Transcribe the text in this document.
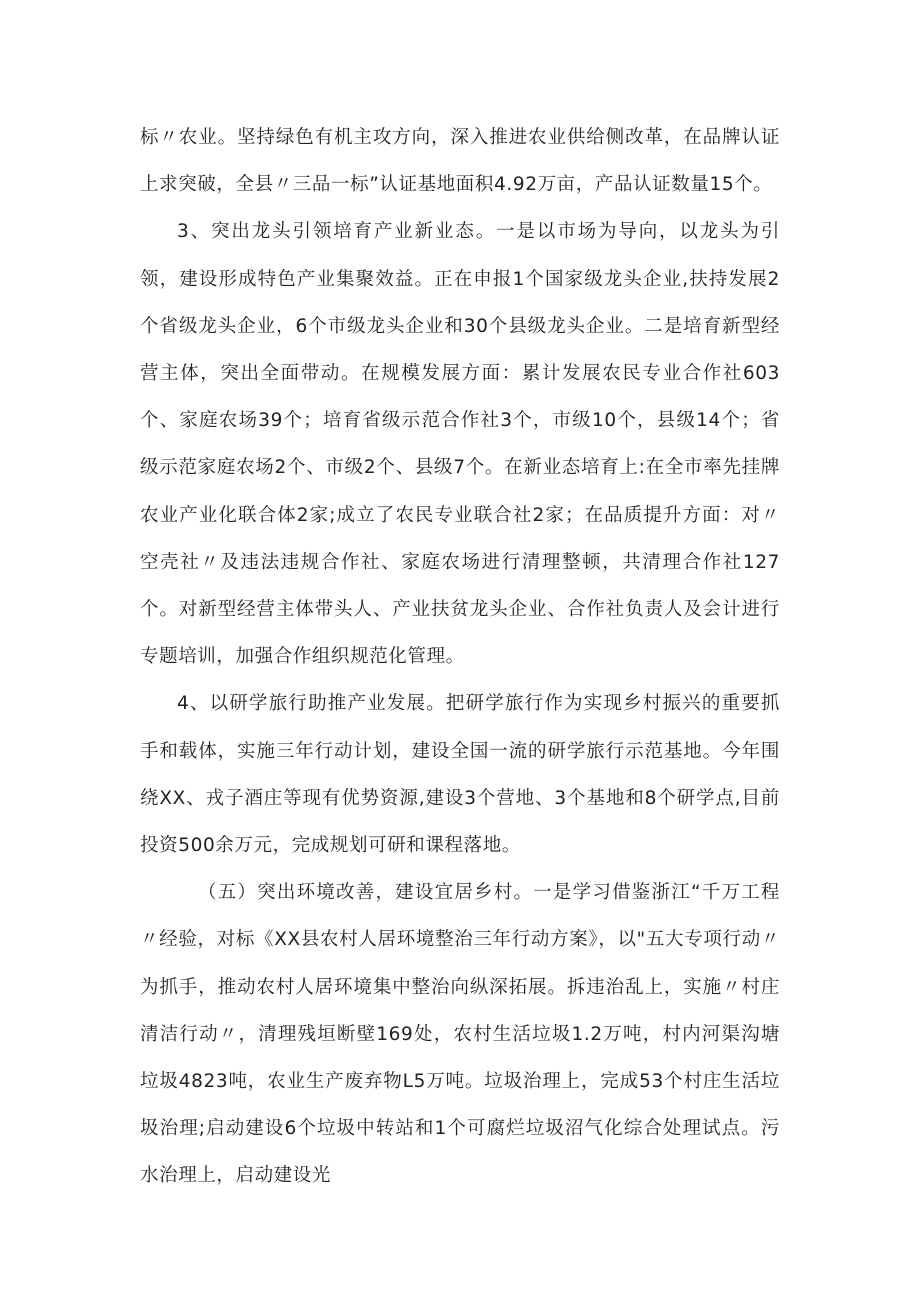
标〃农业。坚持绿色有机主攻方向，深入推进农业供给侧改革，在品牌认证上求突破，全县〃三品一标”认证基地面积4.92万亩，产品认证数量15个。

3、突出龙头引领培育产业新业态。一是以市场为导向，以龙头为引领，建设形成特色产业集聚效益。正在申报1个国家级龙头企业,扶持发展2个省级龙头企业，6个市级龙头企业和30个县级龙头企业。二是培育新型经营主体，突出全面带动。在规模发展方面：累计发展农民专业合作社603个、家庭农场39个；培育省级示范合作社3个，市级10个，县级14个；省级示范家庭农场2个、市级2个、县级7个。在新业态培育上:在全市率先挂牌农业产业化联合体2家;成立了农民专业联合社2家；在品质提升方面：对〃空壳社〃及违法违规合作社、家庭农场进行清理整顿，共清理合作社127个。对新型经营主体带头人、产业扶贫龙头企业、合作社负责人及会计进行专题培训，加强合作组织规范化管理。

4、以研学旅行助推产业发展。把研学旅行作为实现乡村振兴的重要抓手和载体，实施三年行动计划，建设全国一流的研学旅行示范基地。今年围绕XX、戎子酒庄等现有优势资源,建设3个营地、3个基地和8个研学点,目前投资500余万元，完成规划可研和课程落地。

（五）突出环境改善，建设宜居乡村。一是学习借鉴浙江“千万工程〃经验，对标《XX县农村人居环境整治三年行动方案》，以"五大专项行动〃为抓手，推动农村人居环境集中整治向纵深拓展。拆违治乱上，实施〃村庄清洁行动〃，清理残垣断壁169处，农村生活垃圾1.2万吨，村内河渠沟塘垃圾4823吨，农业生产废弃物L5万吨。垃圾治理上，完成53个村庄生活垃圾治理;启动建设6个垃圾中转站和1个可腐烂垃圾沼气化综合处理试点。污水治理上，启动建设光
